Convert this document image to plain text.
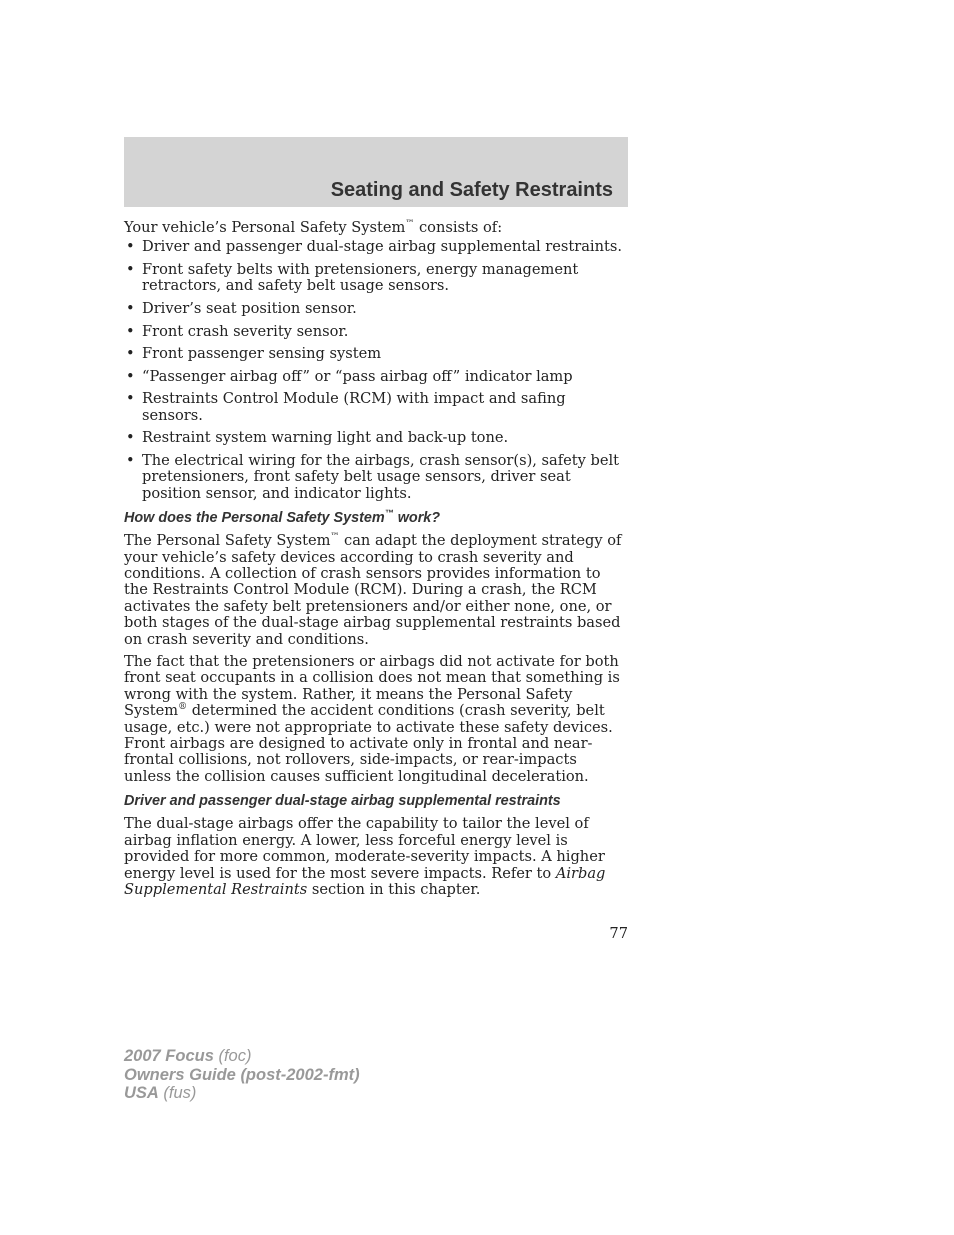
Seating and Safety Restraints

Your vehicle’s Personal Safety System™ consists of:

• Driver and passenger dual-stage airbag supplemental restraints.
• Front safety belts with pretensioners, energy management retractors, and safety belt usage sensors.
• Driver’s seat position sensor.
• Front crash severity sensor.
• Front passenger sensing system
• “Passenger airbag off” or “pass airbag off” indicator lamp
• Restraints Control Module (RCM) with impact and safing sensors.
• Restraint system warning light and back-up tone.
• The electrical wiring for the airbags, crash sensor(s), safety belt pretensioners, front safety belt usage sensors, driver seat position sensor, and indicator lights.
How does the Personal Safety System™ work?

The Personal Safety System™ can adapt the deployment strategy of your vehicle’s safety devices according to crash severity and conditions. A collection of crash sensors provides information to the Restraints Control Module (RCM). During a crash, the RCM activates the safety belt pretensioners and/or either none, one, or both stages of the dual-stage airbag supplemental restraints based on crash severity and conditions.

The fact that the pretensioners or airbags did not activate for both front seat occupants in a collision does not mean that something is wrong with the system. Rather, it means the Personal Safety System® determined the accident conditions (crash severity, belt usage, etc.) were not appropriate to activate these safety devices. Front airbags are designed to activate only in frontal and near-frontal collisions, not rollovers, side-impacts, or rear-impacts unless the collision causes sufficient longitudinal deceleration.

Driver and passenger dual-stage airbag supplemental restraints

The dual-stage airbags offer the capability to tailor the level of airbag inflation energy. A lower, less forceful energy level is provided for more common, moderate-severity impacts. A higher energy level is used for the most severe impacts. Refer to Airbag Supplemental Restraints section in this chapter.

77
2007 Focus (foc)
Owners Guide (post-2002-fmt)
USA (fus)
